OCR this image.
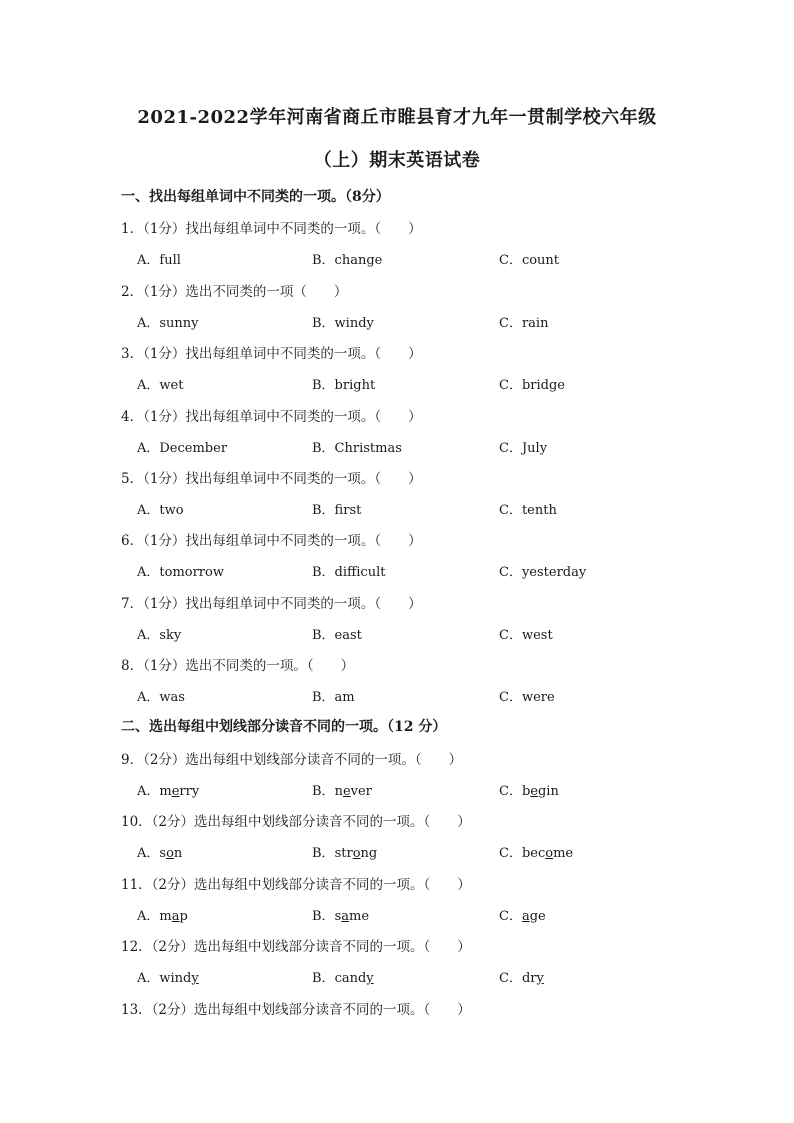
2021-2022学年河南省商丘市睢县育才九年一贯制学校六年级
（上）期末英语试卷
一、找出每组单词中不同类的一项。（8分）
1．（1分）找出每组单词中不同类的一项。（　　）
A．full	B．change	C．count
2．（1分）选出不同类的一项（　　）
A．sunny	B．windy	C．rain
3．（1分）找出每组单词中不同类的一项。（　　）
A．wet	B．bright	C．bridge
4．（1分）找出每组单词中不同类的一项。（　　）
A．December	B．Christmas	C．July
5．（1分）找出每组单词中不同类的一项。（　　）
A．two	B．first	C．tenth
6．（1分）找出每组单词中不同类的一项。（　　）
A．tomorrow	B．difficult	C．yesterday
7．（1分）找出每组单词中不同类的一项。（　　）
A．sky	B．east	C．west
8．（1分）选出不同类的一项。（　　）
A．was	B．am	C．were
二、选出每组中划线部分读音不同的一项。（12 分）
9．（2分）选出每组中划线部分读音不同的一项。（　　）
A．merry	B．never	C．begin
10．（2分）选出每组中划线部分读音不同的一项。（　　）
A．son	B．strong	C．become
11．（2分）选出每组中划线部分读音不同的一项。（　　）
A．map	B．same	C．age
12．（2分）选出每组中划线部分读音不同的一项。（　　）
A．windy	B．candy	C．dry
13．（2分）选出每组中划线部分读音不同的一项。（　　）
